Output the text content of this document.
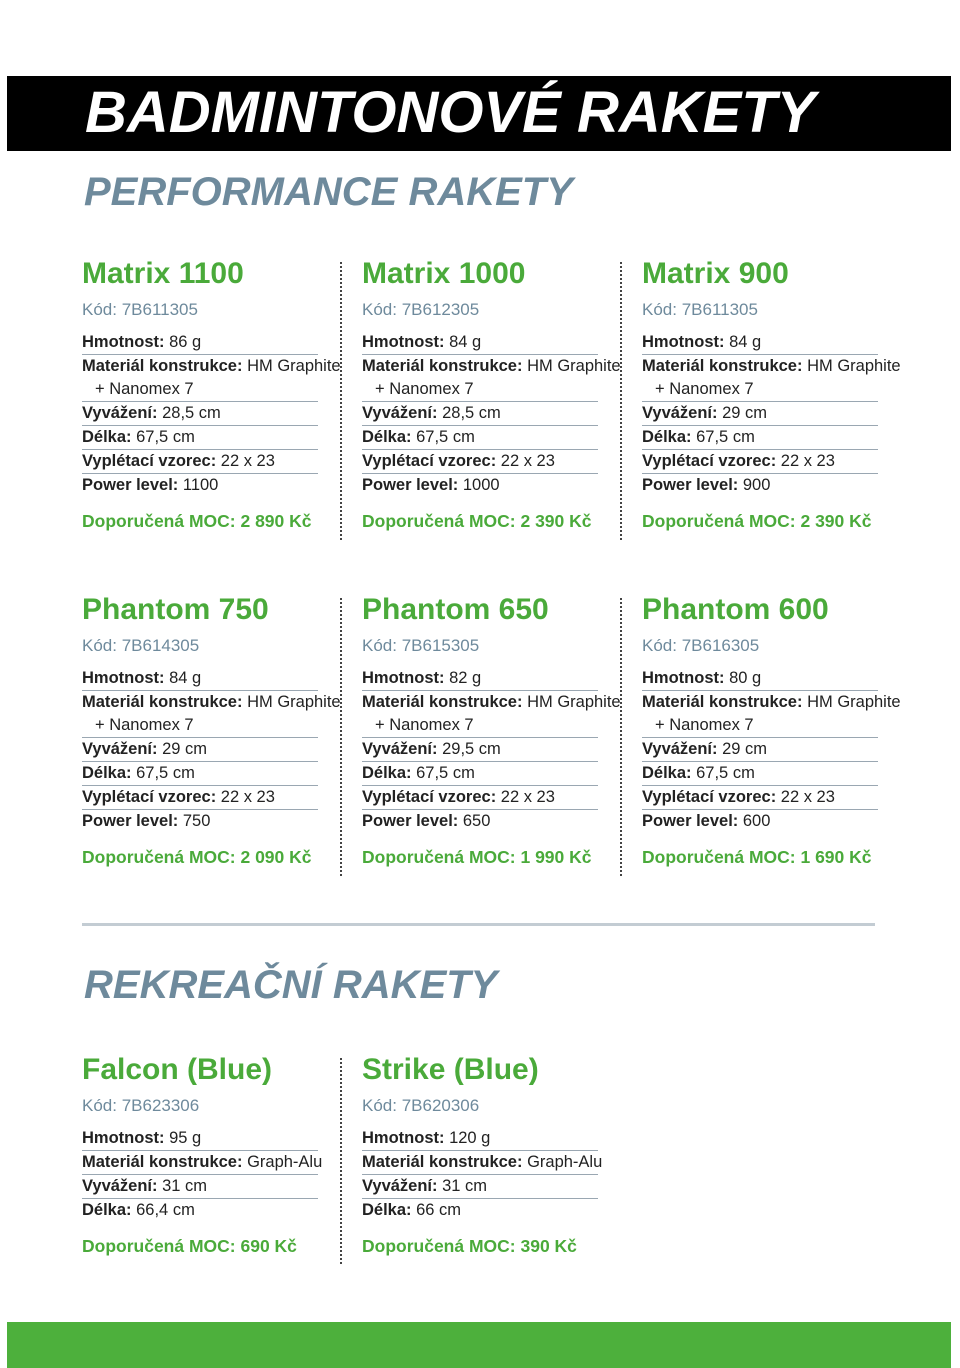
BADMINTONOVÉ RAKETY
PERFORMANCE RAKETY
Matrix 1100
Kód: 7B611305
Hmotnost: 86 g
Materiál konstrukce: HM Graphite
+ Nanomex 7
Vyvážení: 28,5 cm
Délka: 67,5 cm
Vyplétací vzorec: 22 x 23
Power level: 1100
Doporučená MOC: 2 890 Kč
Matrix 1000
Kód: 7B612305
Hmotnost: 84 g
Materiál konstrukce: HM Graphite
+ Nanomex 7
Vyvážení: 28,5 cm
Délka: 67,5 cm
Vyplétací vzorec: 22 x 23
Power level: 1000
Doporučená MOC: 2 390 Kč
Matrix 900
Kód: 7B611305
Hmotnost: 84 g
Materiál konstrukce: HM Graphite
+ Nanomex 7
Vyvážení: 29 cm
Délka: 67,5 cm
Vyplétací vzorec: 22 x 23
Power level: 900
Doporučená MOC: 2 390 Kč
Phantom 750
Kód: 7B614305
Hmotnost: 84 g
Materiál konstrukce: HM Graphite
+ Nanomex 7
Vyvážení: 29 cm
Délka: 67,5 cm
Vyplétací vzorec: 22 x 23
Power level: 750
Doporučená MOC: 2 090 Kč
Phantom 650
Kód: 7B615305
Hmotnost: 82 g
Materiál konstrukce: HM Graphite
+ Nanomex 7
Vyvážení: 29,5 cm
Délka: 67,5 cm
Vyplétací vzorec: 22 x 23
Power level: 650
Doporučená MOC: 1 990 Kč
Phantom 600
Kód: 7B616305
Hmotnost: 80 g
Materiál konstrukce: HM Graphite
+ Nanomex 7
Vyvážení: 29 cm
Délka: 67,5 cm
Vyplétací vzorec: 22 x 23
Power level: 600
Doporučená MOC: 1 690 Kč
REKREAČNÍ RAKETY
Falcon (Blue)
Kód: 7B623306
Hmotnost: 95 g
Materiál konstrukce: Graph-Alu
Vyvážení: 31 cm
Délka: 66,4 cm
Doporučená MOC: 690 Kč
Strike (Blue)
Kód: 7B620306
Hmotnost: 120 g
Materiál konstrukce: Graph-Alu
Vyvážení: 31 cm
Délka: 66 cm
Doporučená MOC: 390 Kč
